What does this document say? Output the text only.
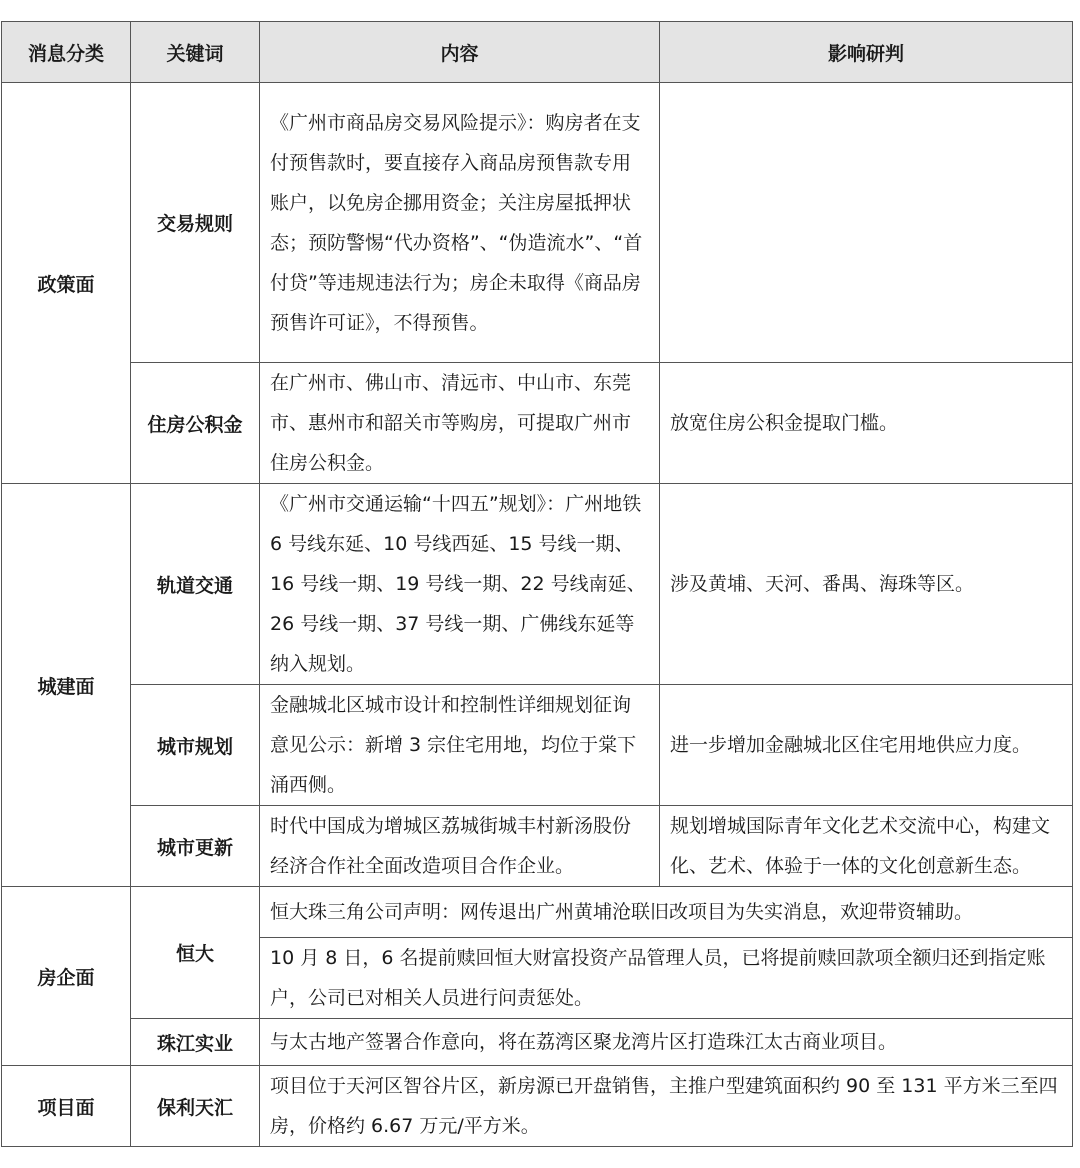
消息分类	关键词	内容	影响研判
政策面	交易规则	《广州市商品房交易风险提示》：购房者在支付预售款时，要直接存入商品房预售款专用账户，以免房企挪用资金；关注房屋抵押状态；预防警惕“代办资格”、“伪造流水”、“首付贷”等违规违法行为；房企未取得《商品房预售许可证》，不得预售。	
	住房公积金	在广州市、佛山市、清远市、中山市、东莞市、惠州市和韶关市等购房，可提取广州市住房公积金。	放宽住房公积金提取门槛。
城建面	轨道交通	《广州市交通运输“十四五”规划》：广州地铁 6 号线东延、10 号线西延、15 号线一期、16 号线一期、19 号线一期、22 号线南延、26 号线一期、37 号线一期、广佛线东延等纳入规划。	涉及黄埔、天河、番禺、海珠等区。
	城市规划	金融城北区城市设计和控制性详细规划征询意见公示：新增 3 宗住宅用地，均位于棠下涌西侧。	进一步增加金融城北区住宅用地供应力度。
	城市更新	时代中国成为增城区荔城街城丰村新汤股份经济合作社全面改造项目合作企业。	规划增城国际青年文化艺术交流中心，构建文化、艺术、体验于一体的文化创意新生态。
房企面	恒大	恒大珠三角公司声明：网传退出广州黄埔沧联旧改项目为失实消息，欢迎带资辅助。	
		10 月 8 日，6 名提前赎回恒大财富投资产品管理人员，已将提前赎回款项全额归还到指定账户，公司已对相关人员进行问责惩处。	
	珠江实业	与太古地产签署合作意向，将在荔湾区聚龙湾片区打造珠江太古商业项目。	
项目面	保利天汇	项目位于天河区智谷片区，新房源已开盘销售，主推户型建筑面积约 90 至 131 平方米三至四房，价格约 6.67 万元/平方米。	
